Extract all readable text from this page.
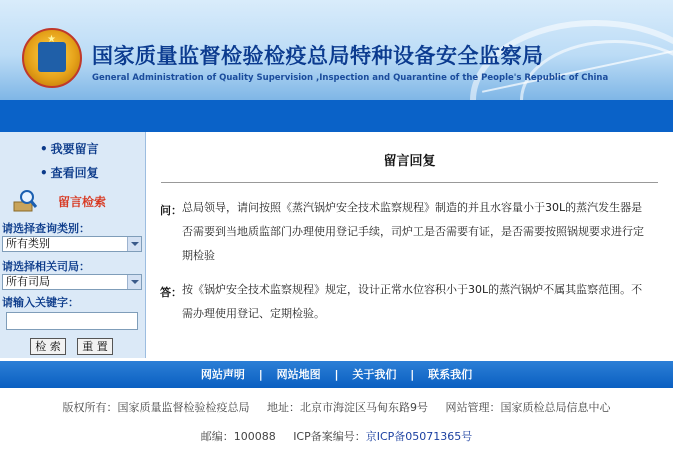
★
国家质量监督检验检疫总局特种设备安全监察局
General Administration of Quality Supervision ,Inspection and Quarantine of the People's Republic of China
• 我要留言
• 查看回复
留言检索
请选择查询类别：
所有类别
请选择相关司局：
所有司局
请输入关键字：
检 索	重 置
留言回复
问： 总局领导，请问按照《蒸汽锅炉安全技术监察规程》制造的并且水容量小于30L的蒸汽发生器是
否需要到当地质监部门办理使用登记手续，司炉工是否需要有证，是否需要按照锅规要求进行定
期检验
答： 按《锅炉安全技术监察规程》规定，设计正常水位容积小于30L的蒸汽锅炉不属其监察范围。不
需办理使用登记、定期检验。
网站声明 | 网站地图 | 关于我们 | 联系我们
版权所有：国家质量监督检验检疫总局 地址：北京市海淀区马甸东路9号 网站管理：国家质检总局信息中心
邮编：100088 ICP备案编号：京ICP备05071365号
